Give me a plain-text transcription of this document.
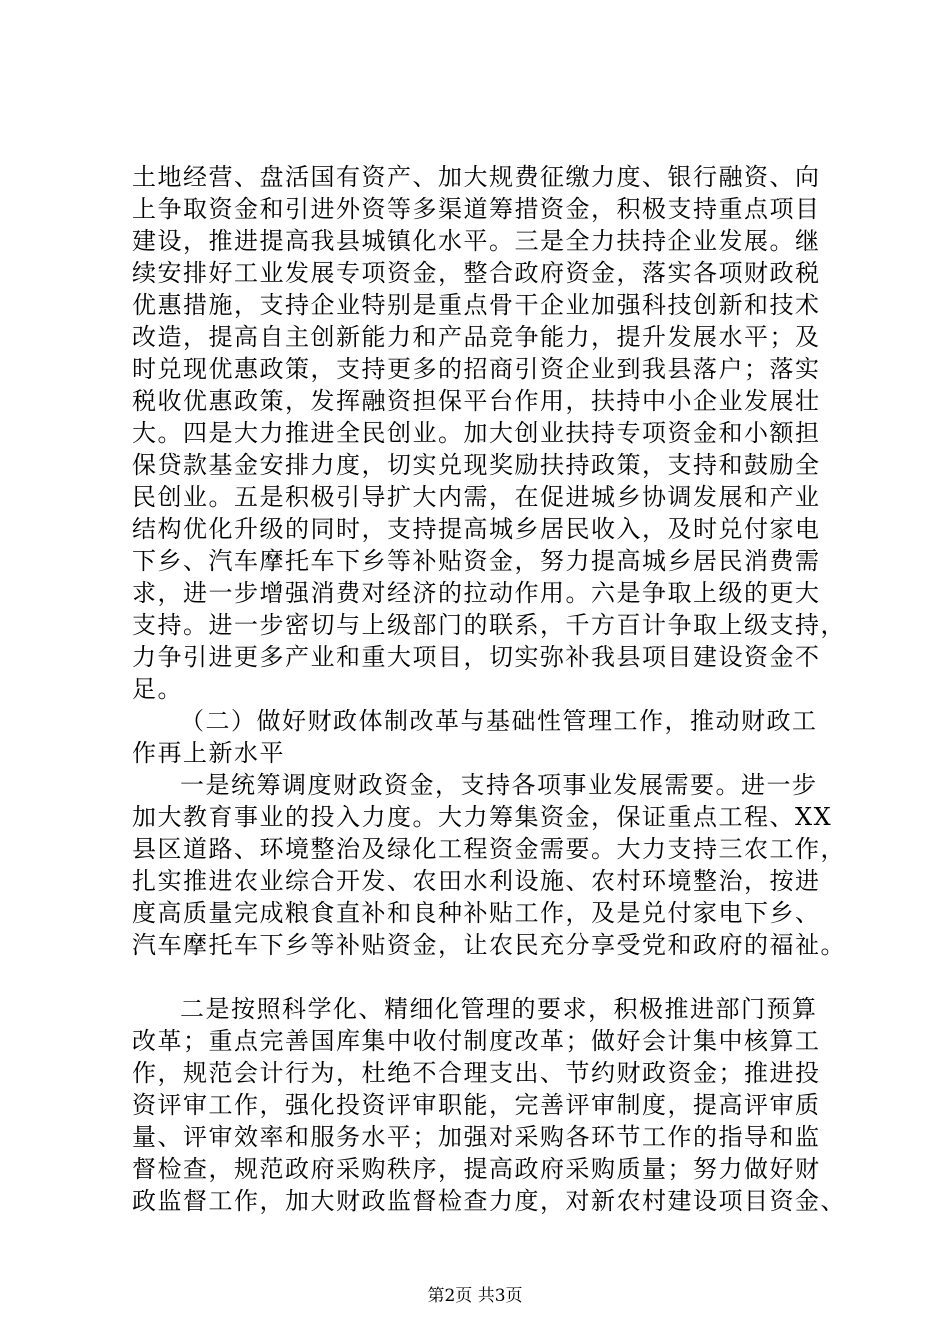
土地经营、盘活国有资产、加大规费征缴力度、银行融资、向
上争取资金和引进外资等多渠道筹措资金，积极支持重点项目
建设，推进提高我县城镇化水平。三是全力扶持企业发展。继
续安排好工业发展专项资金，整合政府资金，落实各项财政税
优惠措施，支持企业特别是重点骨干企业加强科技创新和技术
改造，提高自主创新能力和产品竞争能力，提升发展水平；及
时兑现优惠政策，支持更多的招商引资企业到我县落户；落实
税收优惠政策，发挥融资担保平台作用，扶持中小企业发展壮
大。四是大力推进全民创业。加大创业扶持专项资金和小额担
保贷款基金安排力度，切实兑现奖励扶持政策，支持和鼓励全
民创业。五是积极引导扩大内需，在促进城乡协调发展和产业
结构优化升级的同时，支持提高城乡居民收入，及时兑付家电
下乡、汽车摩托车下乡等补贴资金，努力提高城乡居民消费需
求，进一步增强消费对经济的拉动作用。六是争取上级的更大
支持。进一步密切与上级部门的联系，千方百计争取上级支持，
力争引进更多产业和重大项目，切实弥补我县项目建设资金不
足。
（二）做好财政体制改革与基础性管理工作，推动财政工
作再上新水平
一是统筹调度财政资金，支持各项事业发展需要。进一步
加大教育事业的投入力度。大力筹集资金，保证重点工程、XX
县区道路、环境整治及绿化工程资金需要。大力支持三农工作，
扎实推进农业综合开发、农田水利设施、农村环境整治，按进
度高质量完成粮食直补和良种补贴工作，及是兑付家电下乡、
汽车摩托车下乡等补贴资金，让农民充分享受党和政府的福祉。
二是按照科学化、精细化管理的要求，积极推进部门预算
改革；重点完善国库集中收付制度改革；做好会计集中核算工
作，规范会计行为，杜绝不合理支出、节约财政资金；推进投
资评审工作，强化投资评审职能，完善评审制度，提高评审质
量、评审效率和服务水平；加强对采购各环节工作的指导和监
督检查，规范政府采购秩序，提高政府采购质量；努力做好财
政监督工作，加大财政监督检查力度，对新农村建设项目资金、
第2页 共3页
